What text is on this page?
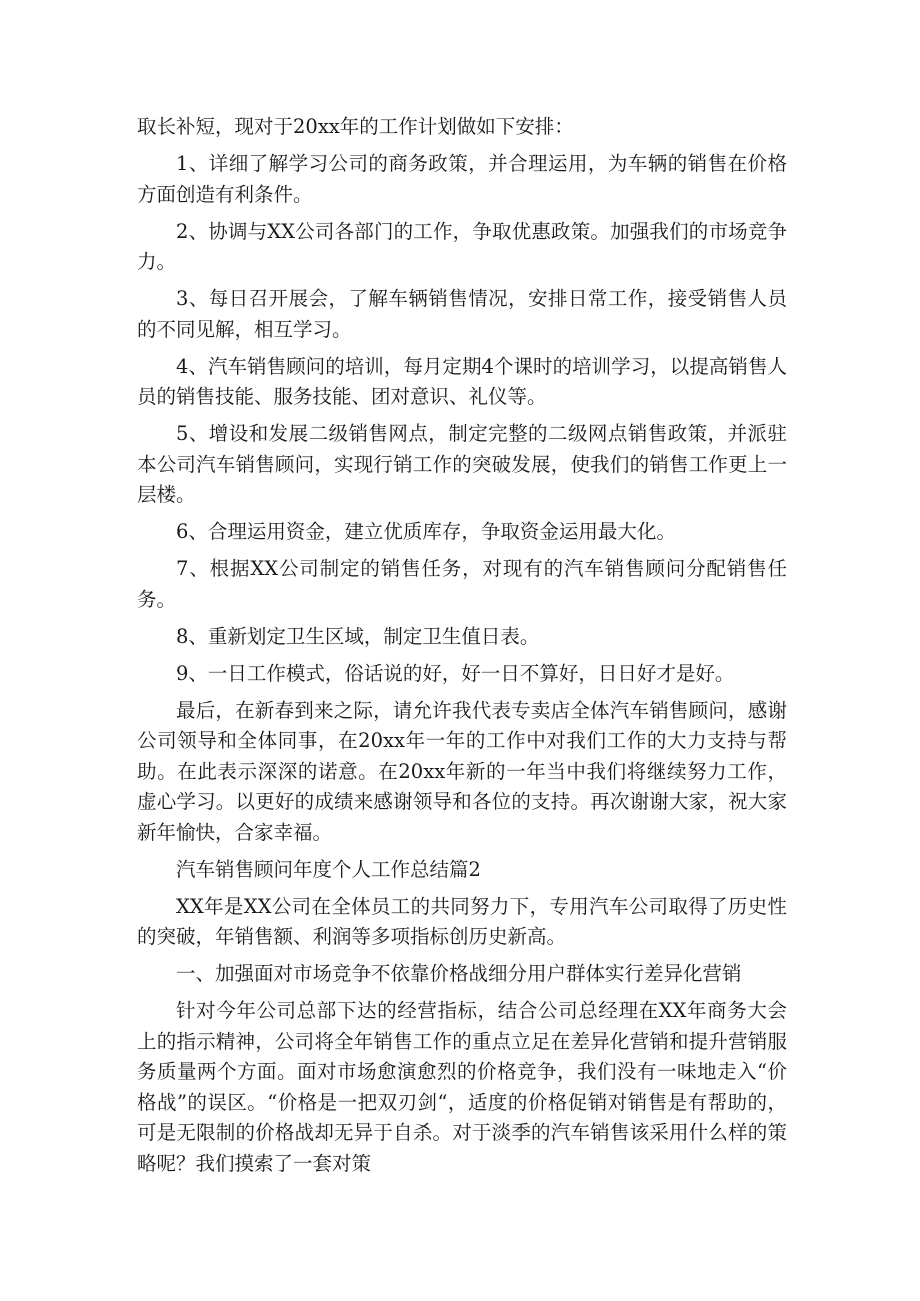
取长补短，现对于20xx年的工作计划做如下安排：

1、详细了解学习公司的商务政策，并合理运用，为车辆的销售在价格方面创造有利条件。

2、协调与XX公司各部门的工作，争取优惠政策。加强我们的市场竞争力。

3、每日召开展会，了解车辆销售情况，安排日常工作，接受销售人员的不同见解，相互学习。

4、汽车销售顾问的培训，每月定期4个课时的培训学习，以提高销售人员的销售技能、服务技能、团对意识、礼仪等。

5、增设和发展二级销售网点，制定完整的二级网点销售政策，并派驻本公司汽车销售顾问，实现行销工作的突破发展，使我们的销售工作更上一层楼。

6、合理运用资金，建立优质库存，争取资金运用最大化。

7、根据XX公司制定的销售任务，对现有的汽车销售顾问分配销售任务。

8、重新划定卫生区域，制定卫生值日表。

9、一日工作模式，俗话说的好，好一日不算好，日日好才是好。

最后，在新春到来之际，请允许我代表专卖店全体汽车销售顾问，感谢公司领导和全体同事，在20xx年一年的工作中对我们工作的大力支持与帮助。在此表示深深的诺意。在20xx年新的一年当中我们将继续努力工作，虚心学习。以更好的成绩来感谢领导和各位的支持。再次谢谢大家，祝大家新年愉快，合家幸福。

汽车销售顾问年度个人工作总结篇2

XX年是XX公司在全体员工的共同努力下，专用汽车公司取得了历史性的突破，年销售额、利润等多项指标创历史新高。

一、加强面对市场竞争不依靠价格战细分用户群体实行差异化营销

针对今年公司总部下达的经营指标，结合公司总经理在XX年商务大会上的指示精神，公司将全年销售工作的重点立足在差异化营销和提升营销服务质量两个方面。面对市场愈演愈烈的价格竞争，我们没有一味地走入“价格战”的误区。“价格是一把双刃剑“，适度的价格促销对销售是有帮助的，可是无限制的价格战却无异于自杀。对于淡季的汽车销售该采用什么样的策略呢？我们摸索了一套对策
